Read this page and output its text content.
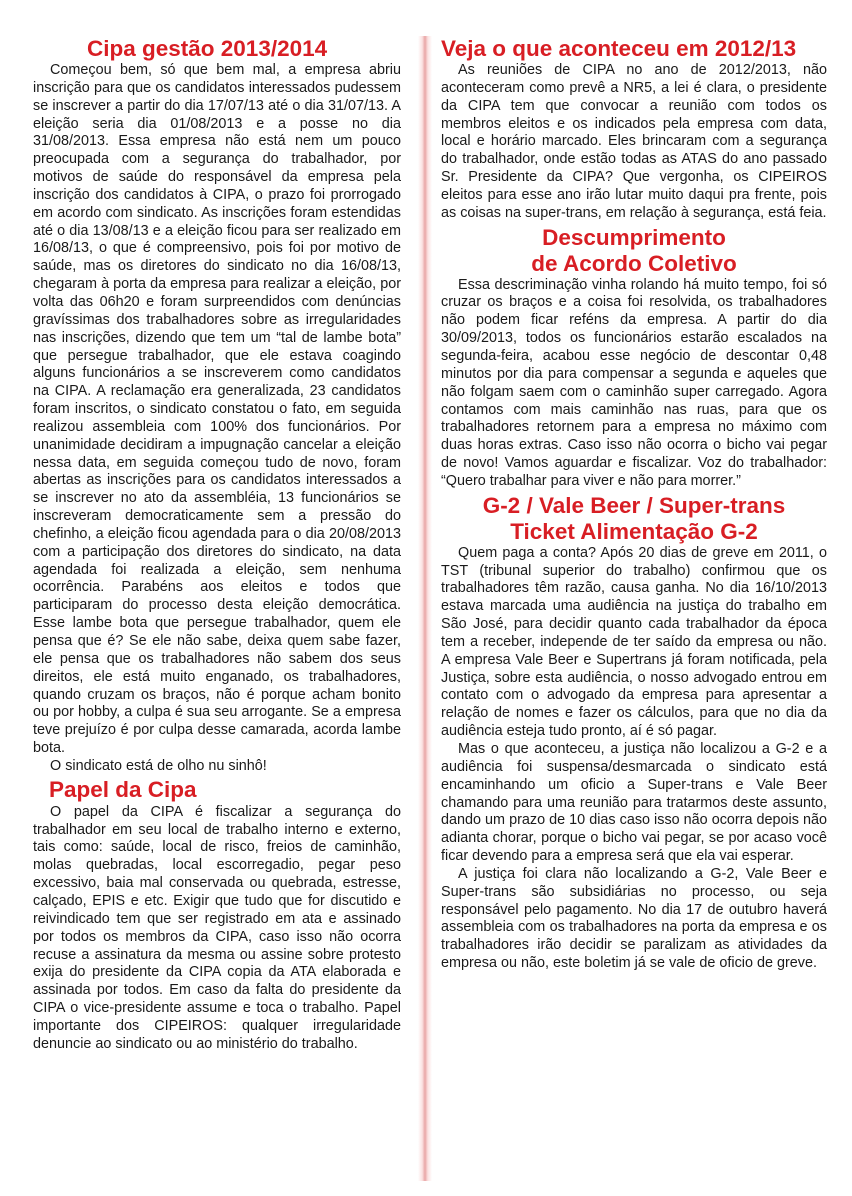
Cipa gestão 2013/2014

Começou bem, só que bem mal, a empresa abriu inscrição para que os candidatos interessados pudessem se inscrever a partir do dia 17/07/13 até o dia 31/07/13. A eleição seria dia 01/08/2013 e a posse no dia 31/08/2013. Essa empresa não está nem um pouco preocupada com a segurança do trabalhador, por motivos de saúde do responsável da empresa pela inscrição dos candidatos à CIPA, o prazo foi prorrogado em acordo com sindicato. As inscrições foram estendidas até o dia 13/08/13 e a eleição ficou para ser realizado em 16/08/13, o que é compreensivo, pois foi por motivo de saúde, mas os diretores do sindicato no dia 16/08/13, chegaram à porta da empresa para realizar a eleição, por volta das 06h20 e foram surpreendidos com denúncias gravíssimas dos trabalhadores sobre as irregularidades nas inscrições, dizendo que tem um “tal de lambe bota” que persegue trabalhador, que ele estava coagindo alguns funcionários a se inscreverem como candidatos na CIPA. A reclamação era generalizada, 23 candidatos foram inscritos, o sindicato constatou o fato, em seguida realizou assembleia com 100% dos funcionários. Por unanimidade decidiram a impugnação cancelar a eleição nessa data, em seguida começou tudo de novo, foram abertas as inscrições para os candidatos interessados a se inscrever no ato da assembléia, 13 funcionários se inscreveram democraticamente sem a pressão do chefinho, a eleição ficou agendada para o dia 20/08/2013 com a participação dos diretores do sindicato, na data agendada foi realizada a eleição, sem nenhuma ocorrência. Parabéns aos eleitos e todos que participaram do processo desta eleição democrática. Esse lambe bota que persegue trabalhador, quem ele pensa que é? Se ele não sabe, deixa quem sabe fazer, ele pensa que os trabalhadores não sabem dos seus direitos, ele está muito enganado, os trabalhadores, quando cruzam os braços, não é porque acham bonito ou por hobby, a culpa é sua seu arrogante. Se a empresa teve prejuízo é por culpa desse camarada, acorda lambe bota.

O sindicato está de olho nu sinhô!

Papel da Cipa

O papel da CIPA é fiscalizar a segurança do trabalhador em seu local de trabalho interno e externo, tais como: saúde, local de risco, freios de caminhão, molas quebradas, local escorregadio, pegar peso excessivo, baia mal conservada ou quebrada, estresse, calçado, EPIS e etc. Exigir que tudo que for discutido e reivindicado tem que ser registrado em ata e assinado por todos os membros da CIPA, caso isso não ocorra recuse a assinatura da mesma ou assine sobre protesto exija do presidente da CIPA copia da ATA elaborada e assinada por todos. Em caso da falta do presidente da CIPA o vice-presidente assume e toca o trabalho. Papel importante dos CIPEIROS: qualquer irregularidade denuncie ao sindicato ou ao ministério do trabalho.

Veja o que aconteceu em 2012/13

As reuniões de CIPA no ano de 2012/2013, não aconteceram como prevê a NR5, a lei é clara, o presidente da CIPA tem que convocar a reunião com todos os membros eleitos e os indicados pela empresa com data, local e horário marcado. Eles brincaram com a segurança do trabalhador, onde estão todas as ATAS do ano passado Sr. Presidente da CIPA? Que vergonha, os CIPEIROS eleitos para esse ano irão lutar muito daqui pra frente, pois as coisas na super-trans, em relação à segurança, está feia.

Descumprimento
de Acordo Coletivo

Essa descriminação vinha rolando há muito tempo, foi só cruzar os braços e a coisa foi resolvida, os trabalhadores não podem ficar reféns da empresa. A partir do dia 30/09/2013, todos os funcionários estarão escalados na segunda-feira, acabou esse negócio de descontar 0,48 minutos por dia para compensar a segunda e aqueles que não folgam saem com o caminhão super carregado. Agora contamos com mais caminhão nas ruas, para que os trabalhadores retornem para a empresa no máximo com duas horas extras. Caso isso não ocorra o bicho vai pegar de novo! Vamos aguardar e fiscalizar. Voz do trabalhador: “Quero trabalhar para viver e não para morrer.”

G-2 / Vale Beer / Super-trans
Ticket Alimentação G-2

Quem paga a conta? Após 20 dias de greve em 2011, o TST (tribunal superior do trabalho) confirmou que os trabalhadores têm razão, causa ganha. No dia 16/10/2013 estava marcada uma audiência na justiça do trabalho em São José, para decidir quanto cada trabalhador da época tem a receber, independe de ter saído da empresa ou não. A empresa Vale Beer e Supertrans já foram notificada, pela Justiça, sobre esta audiência, o nosso advogado entrou em contato com o advogado da empresa para apresentar a relação de nomes e fazer os cálculos, para que no dia da audiência esteja tudo pronto, aí é só pagar.

Mas o que aconteceu, a justiça não localizou a G-2 e a audiência foi suspensa/desmarcada o sindicato está encaminhando um oficio a Super-trans e Vale Beer chamando para uma reunião para tratarmos deste assunto, dando um prazo de 10 dias caso isso não ocorra depois não adianta chorar, porque o bicho vai pegar, se por acaso você ficar devendo para a empresa será que ela vai esperar.

A justiça foi clara não localizando a G-2, Vale Beer e Super-trans são subsidiárias no processo, ou seja responsável pelo pagamento. No dia 17 de outubro haverá assembleia com os trabalhadores na porta da empresa e os trabalhadores irão decidir se paralizam as atividades da empresa ou não, este boletim já se vale de oficio de greve.
